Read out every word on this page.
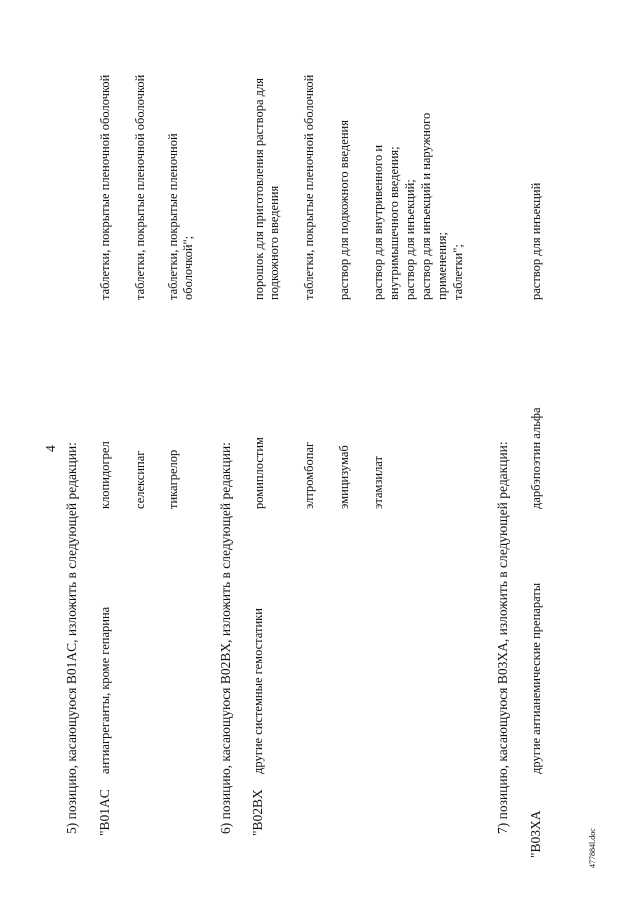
4 5) позицию, касающуюся B01AC, изложить в следующей редакции: "B01AC
антиагреганты, кроме гепарина
клопидогрел
таблетки, покрытые пленочной оболочкой
селексипаг
таблетки, покрытые пленочной оболочкой
тикагрелор
таблетки, покрытые пленочной оболочкой";
6) позицию, касающуюся B02BX, изложить в следующей редакции: "B02BX
другие системные гемостатики
ромиплостим
порошок для приготовления раствора для подкожного введения
элтромбопаг
таблетки, покрытые пленочной оболочкой
эмицизумаб
раствор для подкожного введения
этамзилат
раствор для внутривенного и внутримышечного введения; раствор для инъекций; раствор для инъекций и наружного применения; таблетки";
7) позицию, касающуюся B03XA, изложить в следующей редакции:
"B03XA
другие антианемические препараты
дарбэпоэтин альфа
раствор для инъекций
477884l.doc
